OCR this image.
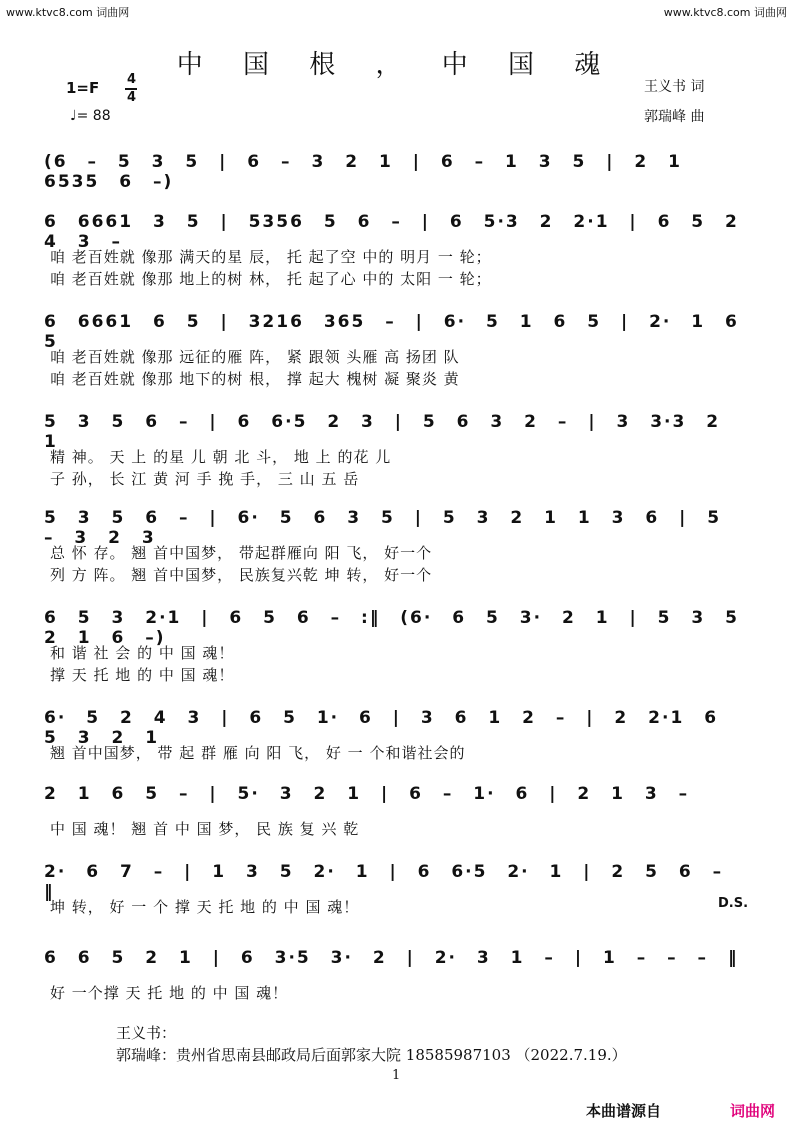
www.ktvc8.com 词曲网	www.ktvc8.com 词曲网
中 国 根 ， 中 国 魂
1=F 4
4
♩= 88
王义书 词
郭瑞峰 曲
(6 – 5 3 5 | 6 – 3 2 1 | 6 – 1 3 5 | 2 1 6535 6 –)
6 6661 3 5 | 5356 5 6 – | 6 5·3 2 2·1 | 6 5 2 4 3 –
咱 老百姓就 像那 满天的星 辰， 托 起了空 中的 明月 一 轮；
咱 老百姓就 像那 地上的树 林， 托 起了心 中的 太阳 一 轮；
6 6661 6 5 | 3216 365 – | 6· 5 1 6 5 | 2· 1 6 5
咱 老百姓就 像那 远征的雁 阵， 紧 跟领 头雁 高 扬团 队
咱 老百姓就 像那 地下的树 根， 撑 起大 槐树 凝 聚炎 黄
5 3 5 6 – | 6 6·5 2 3 | 5 6 3 2 – | 3 3·3 2 1
精 神。 天 上 的星 儿 朝 北 斗， 地 上 的花 儿
子 孙， 长 江 黄 河 手 挽 手， 三 山 五 岳
5 3 5 6 – | 6· 5 6 3 5 | 5 3 2 1 1 3 6 | 5 – 3 2 3
总 怀 存。 翘 首中国梦， 带起群雁向 阳 飞， 好一个
列 方 阵。 翘 首中国梦， 民族复兴乾 坤 转， 好一个
6 5 3 2·1 | 6 5 6 – :‖ (6· 6 5 3· 2 1 | 5 3 5 2 1 6 –)
和 谐 社 会 的 中 国 魂！
撑 天 托 地 的 中 国 魂！
6· 5 2 4 3 | 6 5 1· 6 | 3 6 1 2 – | 2 2·1 6 5 3 2 1
翘 首中国梦， 带 起 群 雁 向 阳 飞， 好 一 个和谐社会的
2 1 6 5 – | 5· 3 2 1 | 6 – 1· 6 | 2 1 3 –
中 国 魂！ 翘 首 中 国 梦， 民 族 复 兴 乾
2· 6 7 – | 1 3 5 2· 1 | 6 6·5 2· 1 | 2 5 6 – ‖
坤 转， 好 一 个 撑 天 托 地 的 中 国 魂！
6 6 5 2 1 | 6 3·5 3· 2 | 2· 3 1 – | 1 – – – ‖
好 一个撑 天 托 地 的 中 国 魂！
D.S.
王义书：
郭瑞峰：贵州省思南县邮政局后面郭家大院 18585987103 （2022.7.19.）
1
本曲谱源自	词曲网
